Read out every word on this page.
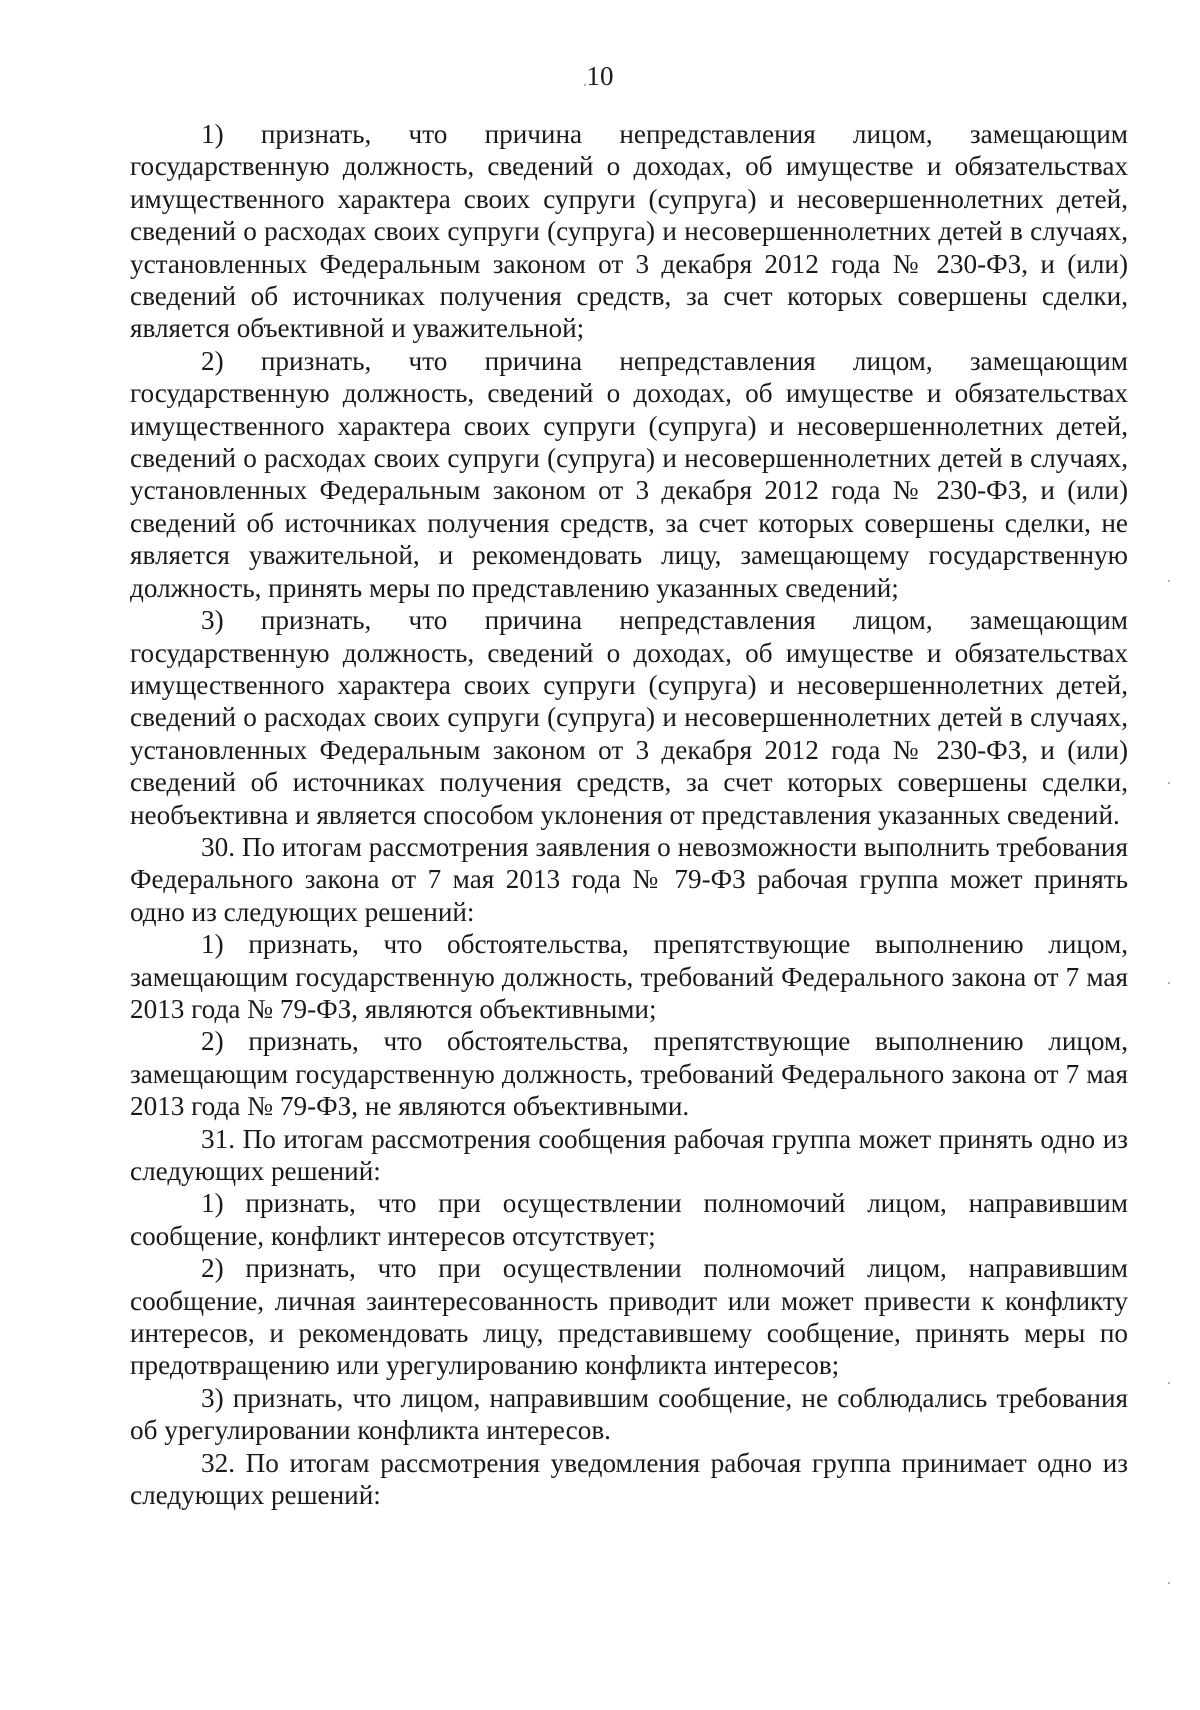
10

1) признать, что причина непредставления лицом, замещающим государственную должность, сведений о доходах, об имуществе и обязательствах имущественного характера своих супруги (супруга) и несовершеннолетних детей, сведений о расходах своих супруги (супруга) и несовершеннолетних детей в случаях, установленных Федеральным законом от 3 декабря 2012 года № 230-ФЗ, и (или) сведений об источниках получения средств, за счет которых совершены сделки, является объективной и уважительной;

2) признать, что причина непредставления лицом, замещающим государственную должность, сведений о доходах, об имуществе и обязательствах имущественного характера своих супруги (супруга) и несовершеннолетних детей, сведений о расходах своих супруги (супруга) и несовершеннолетних детей в случаях, установленных Федеральным законом от 3 декабря 2012 года № 230-ФЗ, и (или) сведений об источниках получения средств, за счет которых совершены сделки, не является уважительной, и рекомендовать лицу, замещающему государственную должность, принять меры по представлению указанных сведений;

3) признать, что причина непредставления лицом, замещающим государственную должность, сведений о доходах, об имуществе и обязательствах имущественного характера своих супруги (супруга) и несовершеннолетних детей, сведений о расходах своих супруги (супруга) и несовершеннолетних детей в случаях, установленных Федеральным законом от 3 декабря 2012 года № 230-ФЗ, и (или) сведений об источниках получения средств, за счет которых совершены сделки, необъективна и является способом уклонения от представления указанных сведений.

30. По итогам рассмотрения заявления о невозможности выполнить требования Федерального закона от 7 мая 2013 года № 79-ФЗ рабочая группа может принять одно из следующих решений:

1) признать, что обстоятельства, препятствующие выполнению лицом, замещающим государственную должность, требований Федерального закона от 7 мая 2013 года № 79-ФЗ, являются объективными;

2) признать, что обстоятельства, препятствующие выполнению лицом, замещающим государственную должность, требований Федерального закона от 7 мая 2013 года № 79-ФЗ, не являются объективными.

31. По итогам рассмотрения сообщения рабочая группа может принять одно из следующих решений:

1) признать, что при осуществлении полномочий лицом, направившим сообщение, конфликт интересов отсутствует;

2) признать, что при осуществлении полномочий лицом, направившим сообщение, личная заинтересованность приводит или может привести к конфликту интересов, и рекомендовать лицу, представившему сообщение, принять меры по предотвращению или урегулированию конфликта интересов;

3) признать, что лицом, направившим сообщение, не соблюдались требования об урегулировании конфликта интересов.

32. По итогам рассмотрения уведомления рабочая группа принимает одно из следующих решений:
